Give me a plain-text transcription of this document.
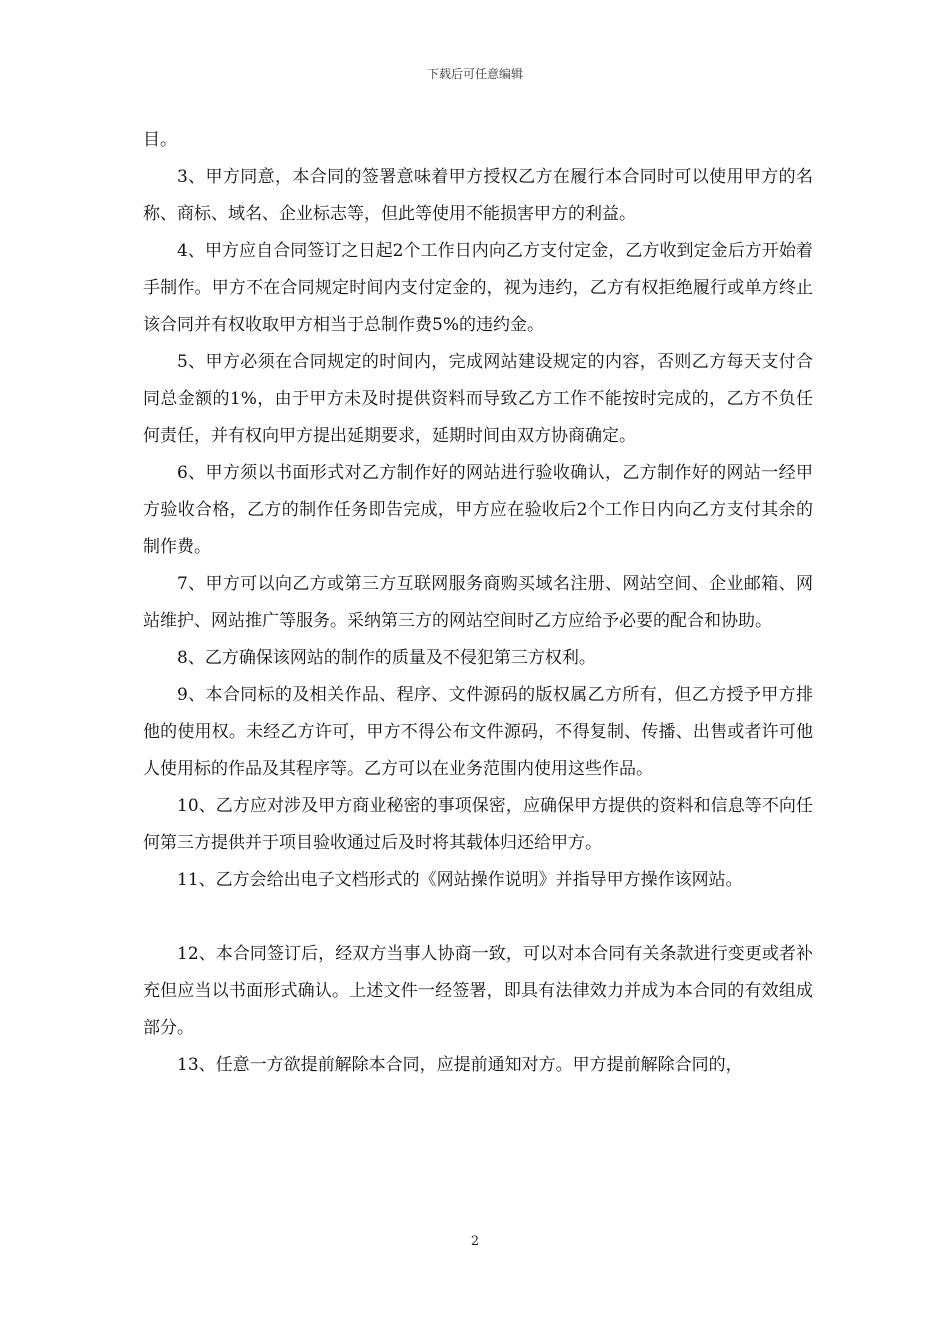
下载后可任意编辑

目。

3、甲方同意，本合同的签署意味着甲方授权乙方在履行本合同时可以使用甲方的名称、商标、域名、企业标志等，但此等使用不能损害甲方的利益。

4、甲方应自合同签订之日起2个工作日内向乙方支付定金，乙方收到定金后方开始着手制作。甲方不在合同规定时间内支付定金的，视为违约，乙方有权拒绝履行或单方终止该合同并有权收取甲方相当于总制作费5%的违约金。

5、甲方必须在合同规定的时间内，完成网站建设规定的内容，否则乙方每天支付合同总金额的1%，由于甲方未及时提供资料而导致乙方工作不能按时完成的，乙方不负任何责任，并有权向甲方提出延期要求，延期时间由双方协商确定。

6、甲方须以书面形式对乙方制作好的网站进行验收确认，乙方制作好的网站一经甲方验收合格，乙方的制作任务即告完成，甲方应在验收后2个工作日内向乙方支付其余的制作费。

7、甲方可以向乙方或第三方互联网服务商购买域名注册、网站空间、企业邮箱、网站维护、网站推广等服务。采纳第三方的网站空间时乙方应给予必要的配合和协助。

8、乙方确保该网站的制作的质量及不侵犯第三方权利。

9、本合同标的及相关作品、程序、文件源码的版权属乙方所有，但乙方授予甲方排他的使用权。未经乙方许可，甲方不得公布文件源码，不得复制、传播、出售或者许可他人使用标的作品及其程序等。乙方可以在业务范围内使用这些作品。

10、乙方应对涉及甲方商业秘密的事项保密，应确保甲方提供的资料和信息等不向任何第三方提供并于项目验收通过后及时将其载体归还给甲方。

11、乙方会给出电子文档形式的《网站操作说明》并指导甲方操作该网站。

12、本合同签订后，经双方当事人协商一致，可以对本合同有关条款进行变更或者补充但应当以书面形式确认。上述文件一经签署，即具有法律效力并成为本合同的有效组成部分。

13、任意一方欲提前解除本合同，应提前通知对方。甲方提前解除合同的，

2
